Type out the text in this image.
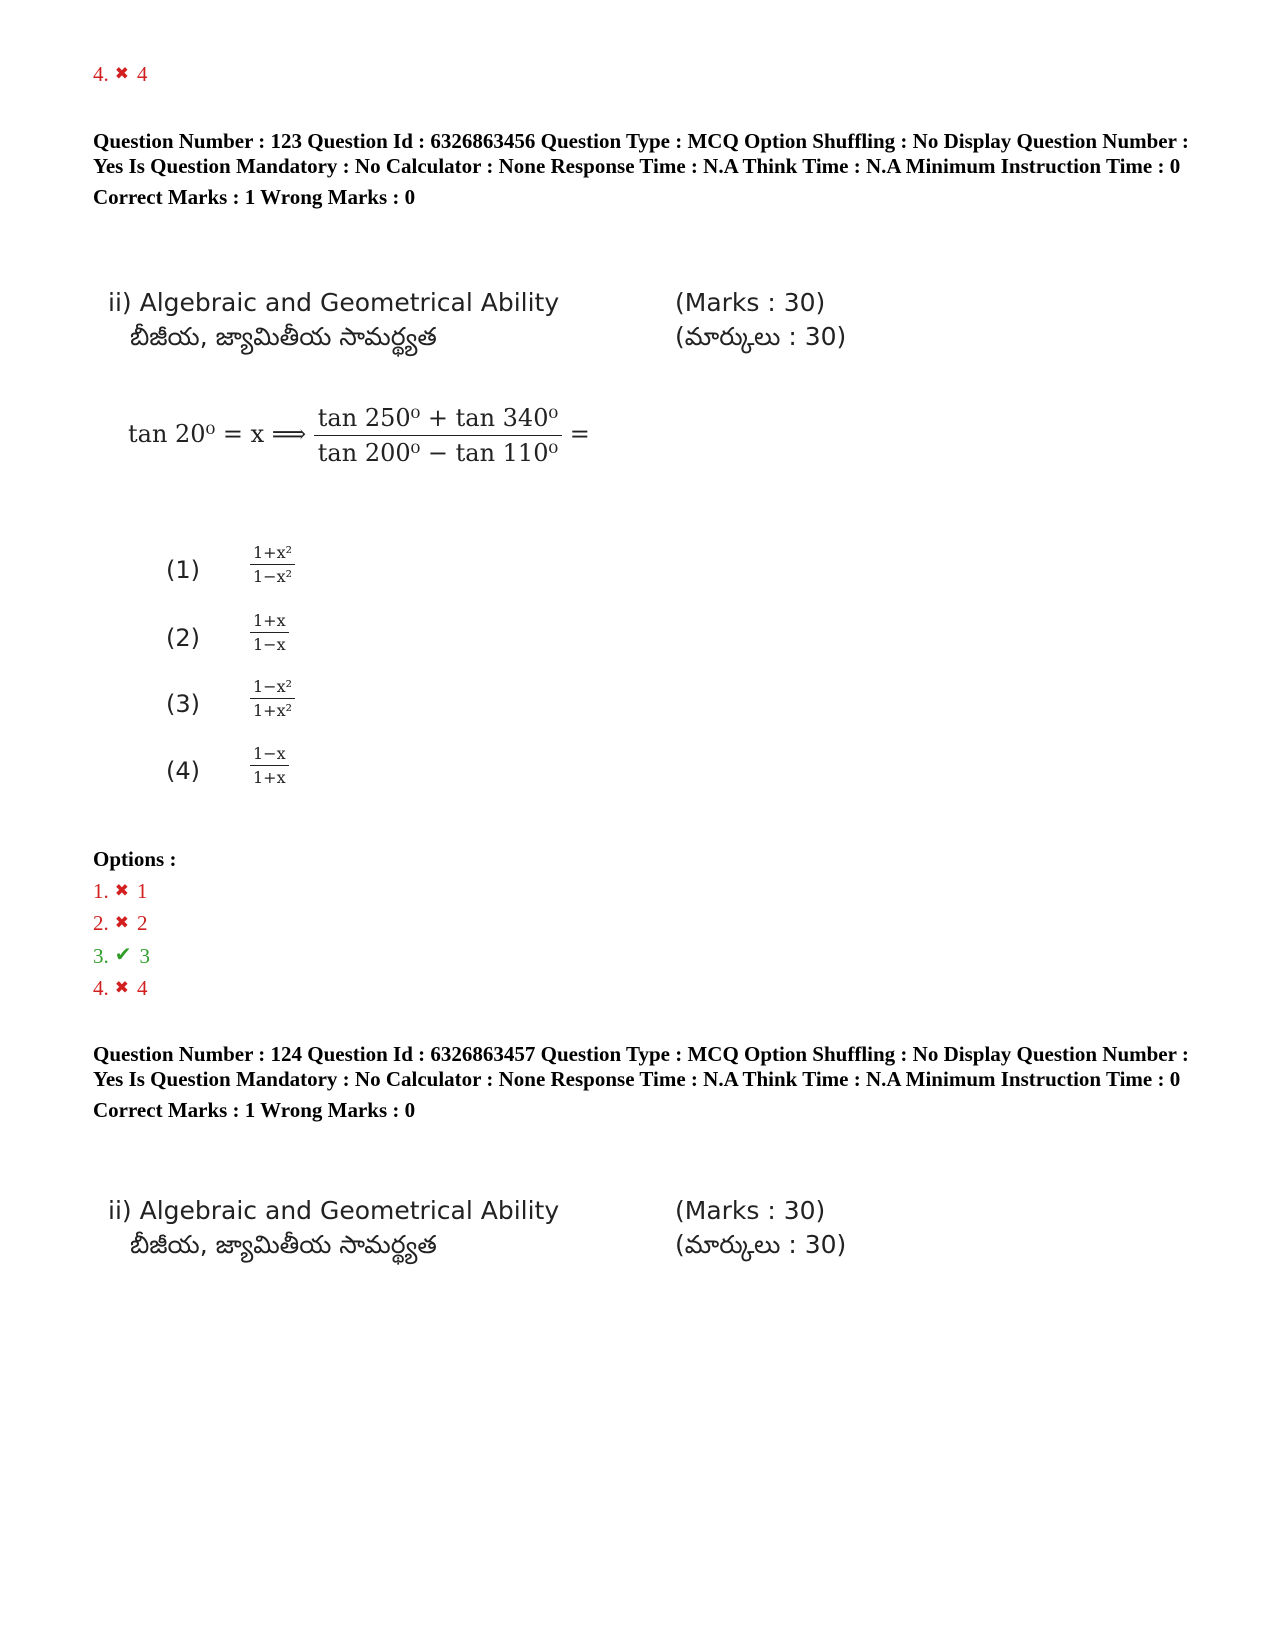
4. ✖ 4

Question Number : 123 Question Id : 6326863456 Question Type : MCQ Option Shuffling : No Display Question Number : Yes Is Question Mandatory : No Calculator : None Response Time : N.A Think Time : N.A Minimum Instruction Time : 0

Correct Marks : 1 Wrong Marks : 0

ii) Algebraic and Geometrical Ability
బీజీయ, జ్యామితీయ సామర్థ్యత
(Marks : 30)
(మార్కులు : 30)
tan 20⁰ = x ⟹ $\frac{\text{tan 250⁰ + tan 340⁰}}{\text{tan 200⁰ − tan 110⁰}}$ =
(1)	$\frac{\text{1+x²}}{\text{1−x²}}$
(2)	$\frac{1+x}{1-x}$
(3)	$\frac{\text{1−x²}}{\text{1+x²}}$
(4)	$\frac{1-x}{1+x}$
Options :
1. ✖ 1
2. ✖ 2
3. ✔ 3
4. ✖ 4

Question Number : 124 Question Id : 6326863457 Question Type : MCQ Option Shuffling : No Display Question Number : Yes Is Question Mandatory : No Calculator : None Response Time : N.A Think Time : N.A Minimum Instruction Time : 0

Correct Marks : 1 Wrong Marks : 0

ii) Algebraic and Geometrical Ability
బీజీయ, జ్యామితీయ సామర్థ్యత
(Marks : 30)
(మార్కులు : 30)
